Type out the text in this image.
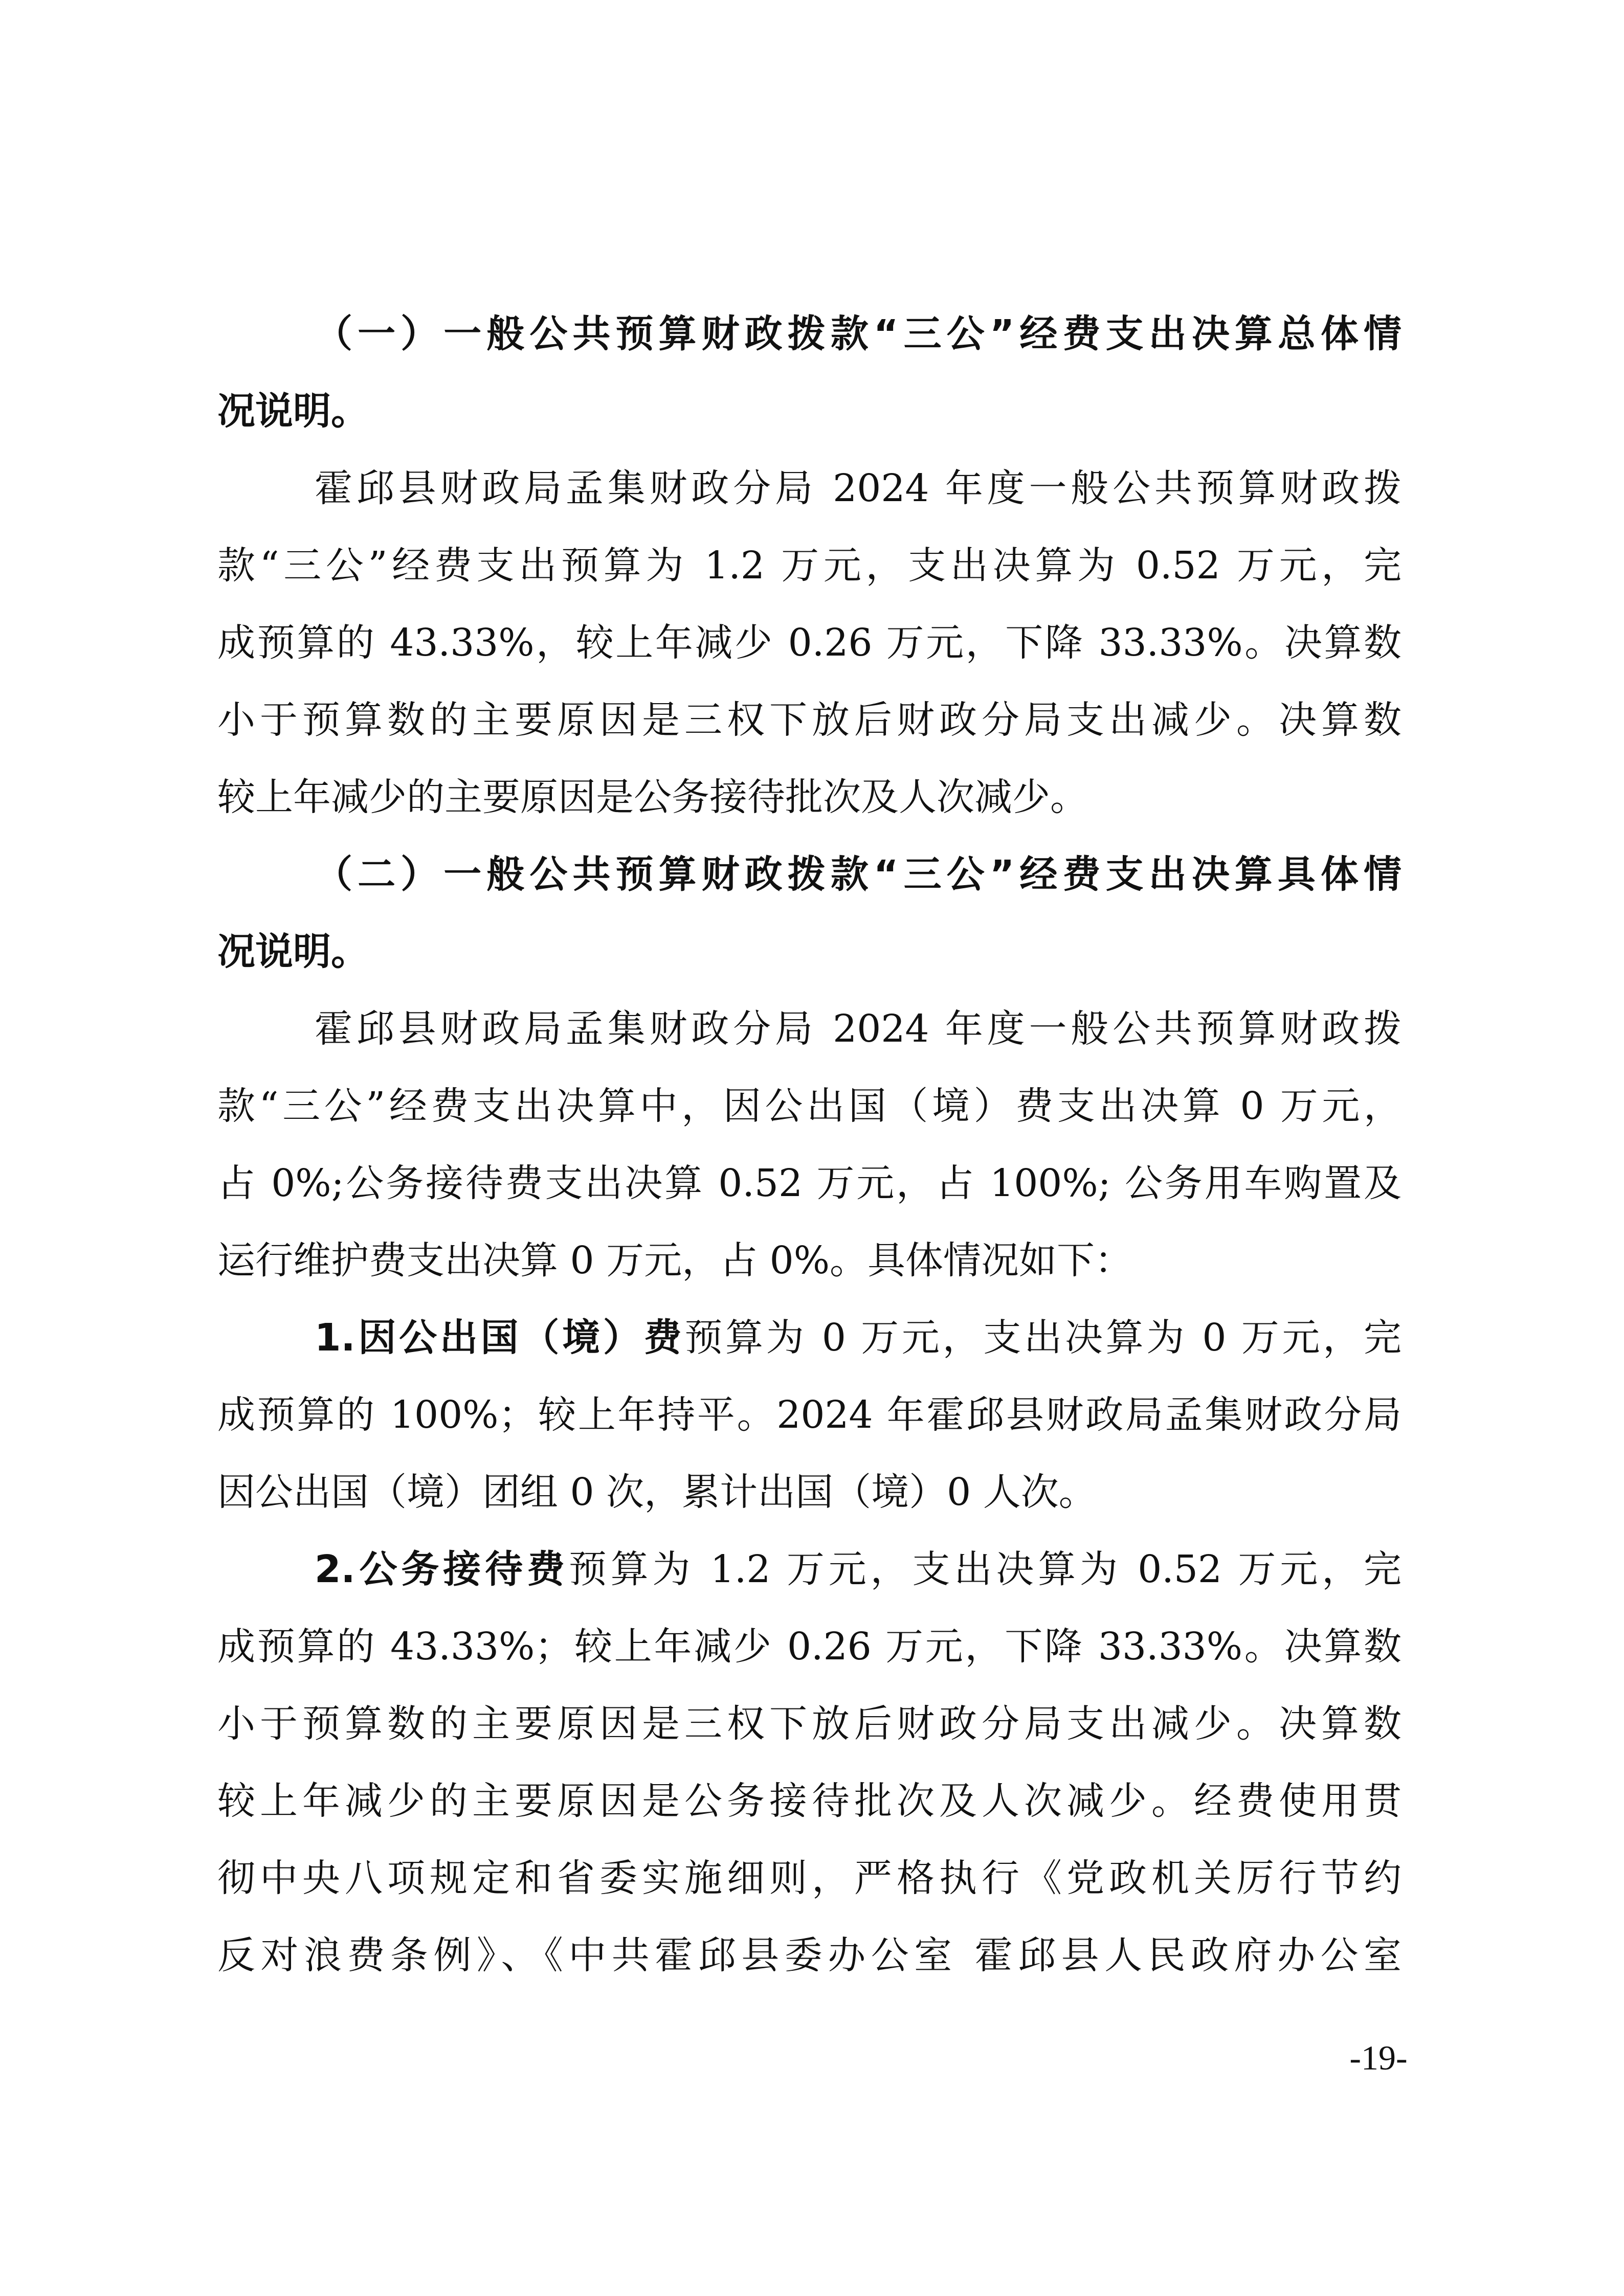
（一）一般公共预算财政拨款“三公”经费支出决算总体情
况说明。
霍邱县财政局孟集财政分局 2024 年度一般公共预算财政拨
款“三公”经费支出预算为 1.2 万元，支出决算为 0.52 万元，完
成预算的 43.33%，较上年减少 0.26 万元，下降 33.33%。决算数
小于预算数的主要原因是三权下放后财政分局支出减少。决算数
较上年减少的主要原因是公务接待批次及人次减少。
（二）一般公共预算财政拨款“三公”经费支出决算具体情
况说明。
霍邱县财政局孟集财政分局 2024 年度一般公共预算财政拨
款“三公”经费支出决算中，因公出国（境）费支出决算 0 万元，
占 0%;公务接待费支出决算 0.52 万元，占 100%; 公务用车购置及
运行维护费支出决算 0 万元，占 0%。具体情况如下：
1.因公出国（境）费预算为 0 万元，支出决算为 0 万元，完
成预算的 100%；较上年持平。2024 年霍邱县财政局孟集财政分局
因公出国（境）团组 0 次，累计出国（境）0 人次。
2.公务接待费预算为 1.2 万元，支出决算为 0.52 万元，完
成预算的 43.33%；较上年减少 0.26 万元，下降 33.33%。决算数
小于预算数的主要原因是三权下放后财政分局支出减少。决算数
较上年减少的主要原因是公务接待批次及人次减少。经费使用贯
彻中央八项规定和省委实施细则，严格执行《党政机关厉行节约
反对浪费条例》、《中共霍邱县委办公室 霍邱县人民政府办公室
-19-
